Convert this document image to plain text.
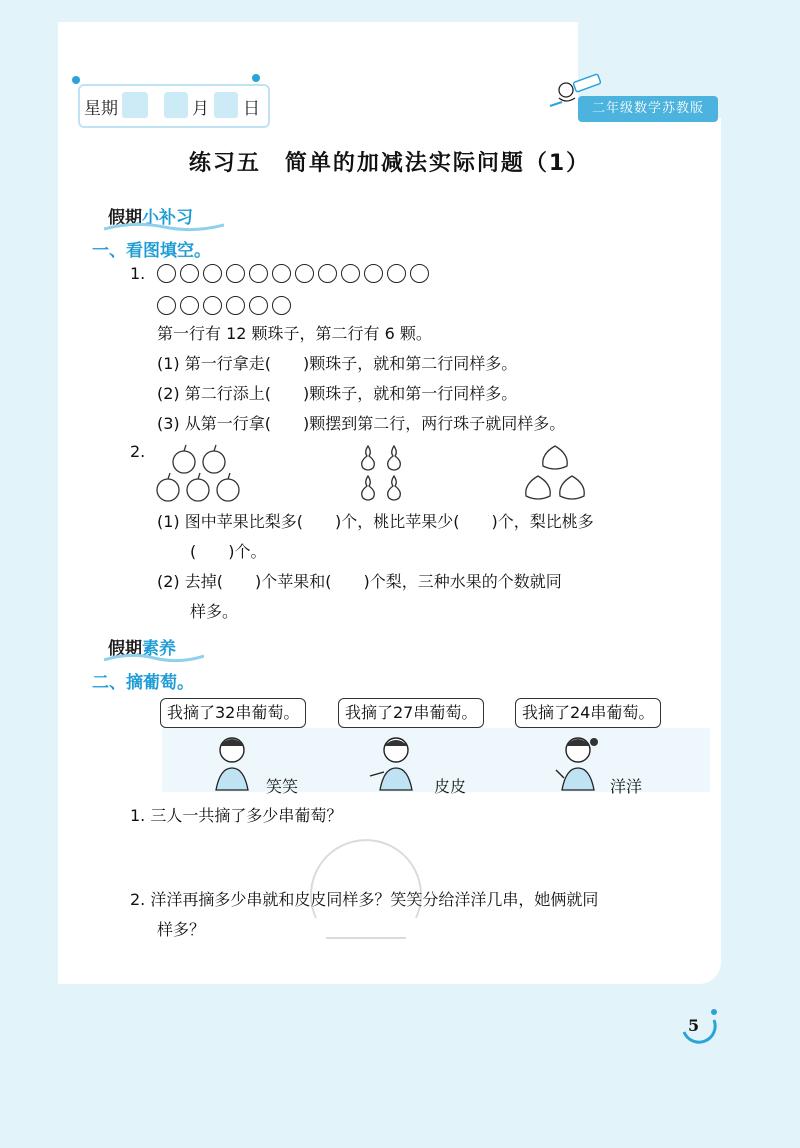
星期	月 日	二年级数学苏教版
练习五　简单的加减法实际问题（1）
假期小补习
一、看图填空。
1.
第一行有 12 颗珠子，第二行有 6 颗。
(1) 第一行拿走(　　)颗珠子，就和第二行同样多。
(2) 第二行添上(　　)颗珠子，就和第一行同样多。
(3) 从第一行拿(　　)颗摆到第二行，两行珠子就同样多。
2.
(1) 图中苹果比梨多(　　)个，桃比苹果少(　　)个，梨比桃多
(　　)个。
(2) 去掉(　　)个苹果和(　　)个梨，三种水果的个数就同
样多。
假期素养
二、摘葡萄。
我摘了32串葡萄。	我摘了27串葡萄。	我摘了24串葡萄。
笑笑	皮皮	洋洋
1. 三人一共摘了多少串葡萄？
2. 洋洋再摘多少串就和皮皮同样多？笑笑分给洋洋几串，她俩就同
样多？
5
